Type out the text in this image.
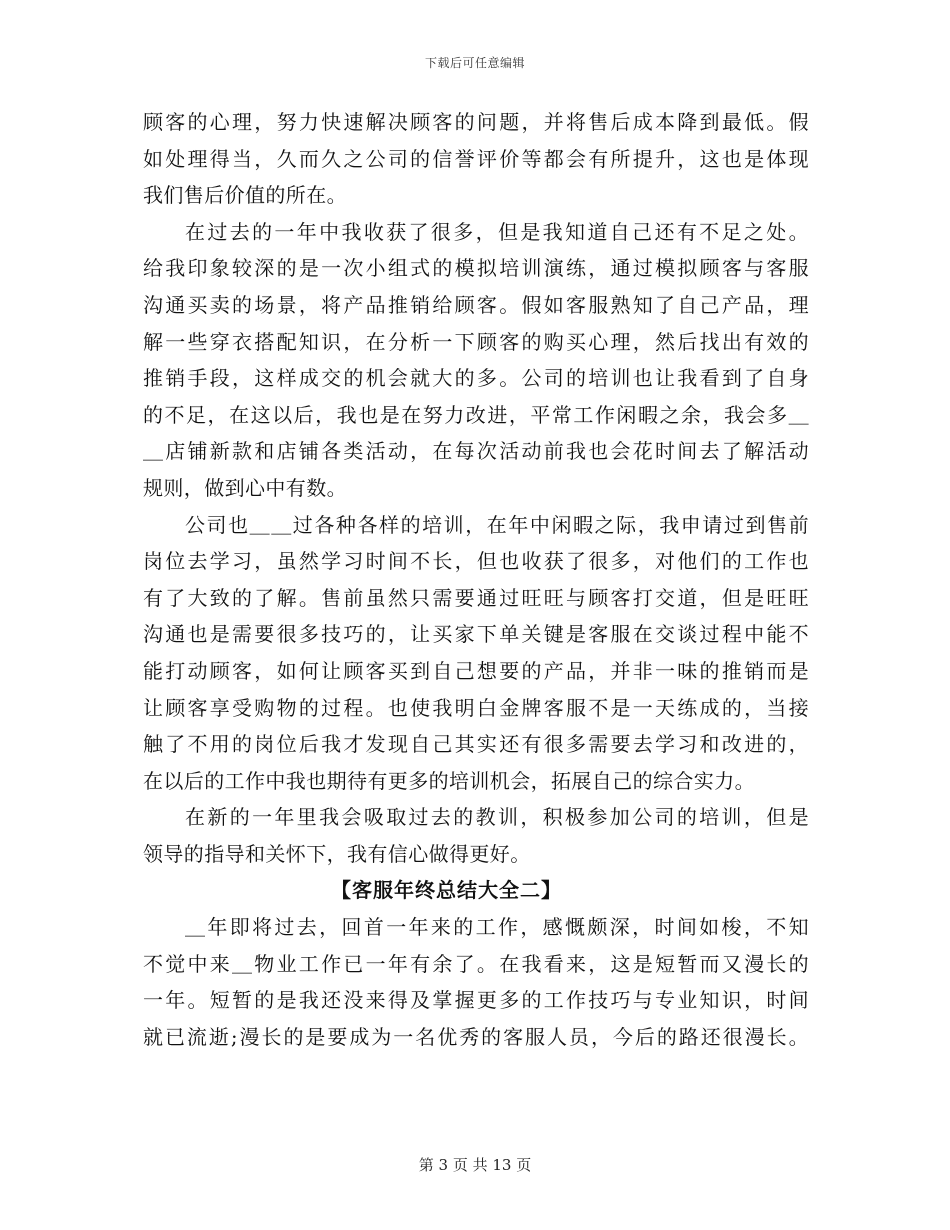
下载后可任意编辑
顾客的心理，努力快速解决顾客的问题，并将售后成本降到最低。假
如处理得当，久而久之公司的信誉评价等都会有所提升，这也是体现
我们售后价值的所在。
在过去的一年中我收获了很多，但是我知道自己还有不足之处。
给我印象较深的是一次小组式的模拟培训演练，通过模拟顾客与客服
沟通买卖的场景，将产品推销给顾客。假如客服熟知了自己产品，理
解一些穿衣搭配知识，在分析一下顾客的购买心理，然后找出有效的
推销手段，这样成交的机会就大的多。公司的培训也让我看到了自身
的不足，在这以后，我也是在努力改进，平常工作闲暇之余，我会多＿
＿店铺新款和店铺各类活动，在每次活动前我也会花时间去了解活动
规则，做到心中有数。
公司也＿＿过各种各样的培训，在年中闲暇之际，我申请过到售前
岗位去学习，虽然学习时间不长，但也收获了很多，对他们的工作也
有了大致的了解。售前虽然只需要通过旺旺与顾客打交道，但是旺旺
沟通也是需要很多技巧的，让买家下单关键是客服在交谈过程中能不
能打动顾客，如何让顾客买到自己想要的产品，并非一味的推销而是
让顾客享受购物的过程。也使我明白金牌客服不是一天练成的，当接
触了不用的岗位后我才发现自己其实还有很多需要去学习和改进的，
在以后的工作中我也期待有更多的培训机会，拓展自己的综合实力。
在新的一年里我会吸取过去的教训，积极参加公司的培训，但是
领导的指导和关怀下，我有信心做得更好。
【客服年终总结大全二】
＿年即将过去，回首一年来的工作，感慨颇深，时间如梭，不知
不觉中来＿物业工作已一年有余了。在我看来，这是短暂而又漫长的
一年。短暂的是我还没来得及掌握更多的工作技巧与专业知识，时间
就已流逝;漫长的是要成为一名优秀的客服人员，今后的路还很漫长。
第 3 页 共 13 页
